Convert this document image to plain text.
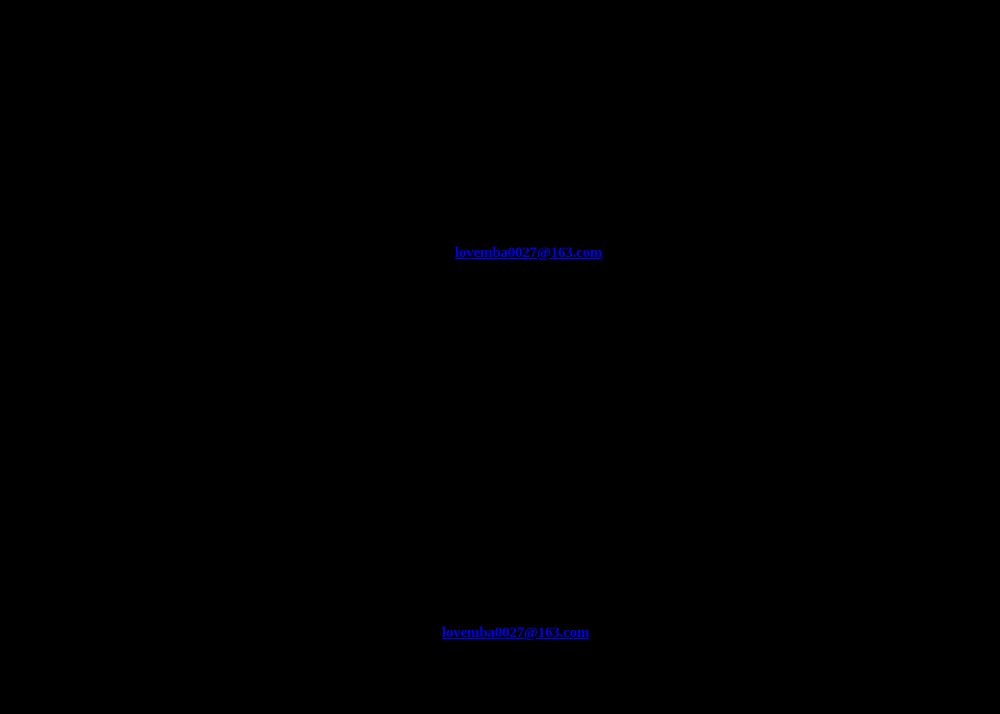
lovemba0027@163.com
lovemba0027@163.com
